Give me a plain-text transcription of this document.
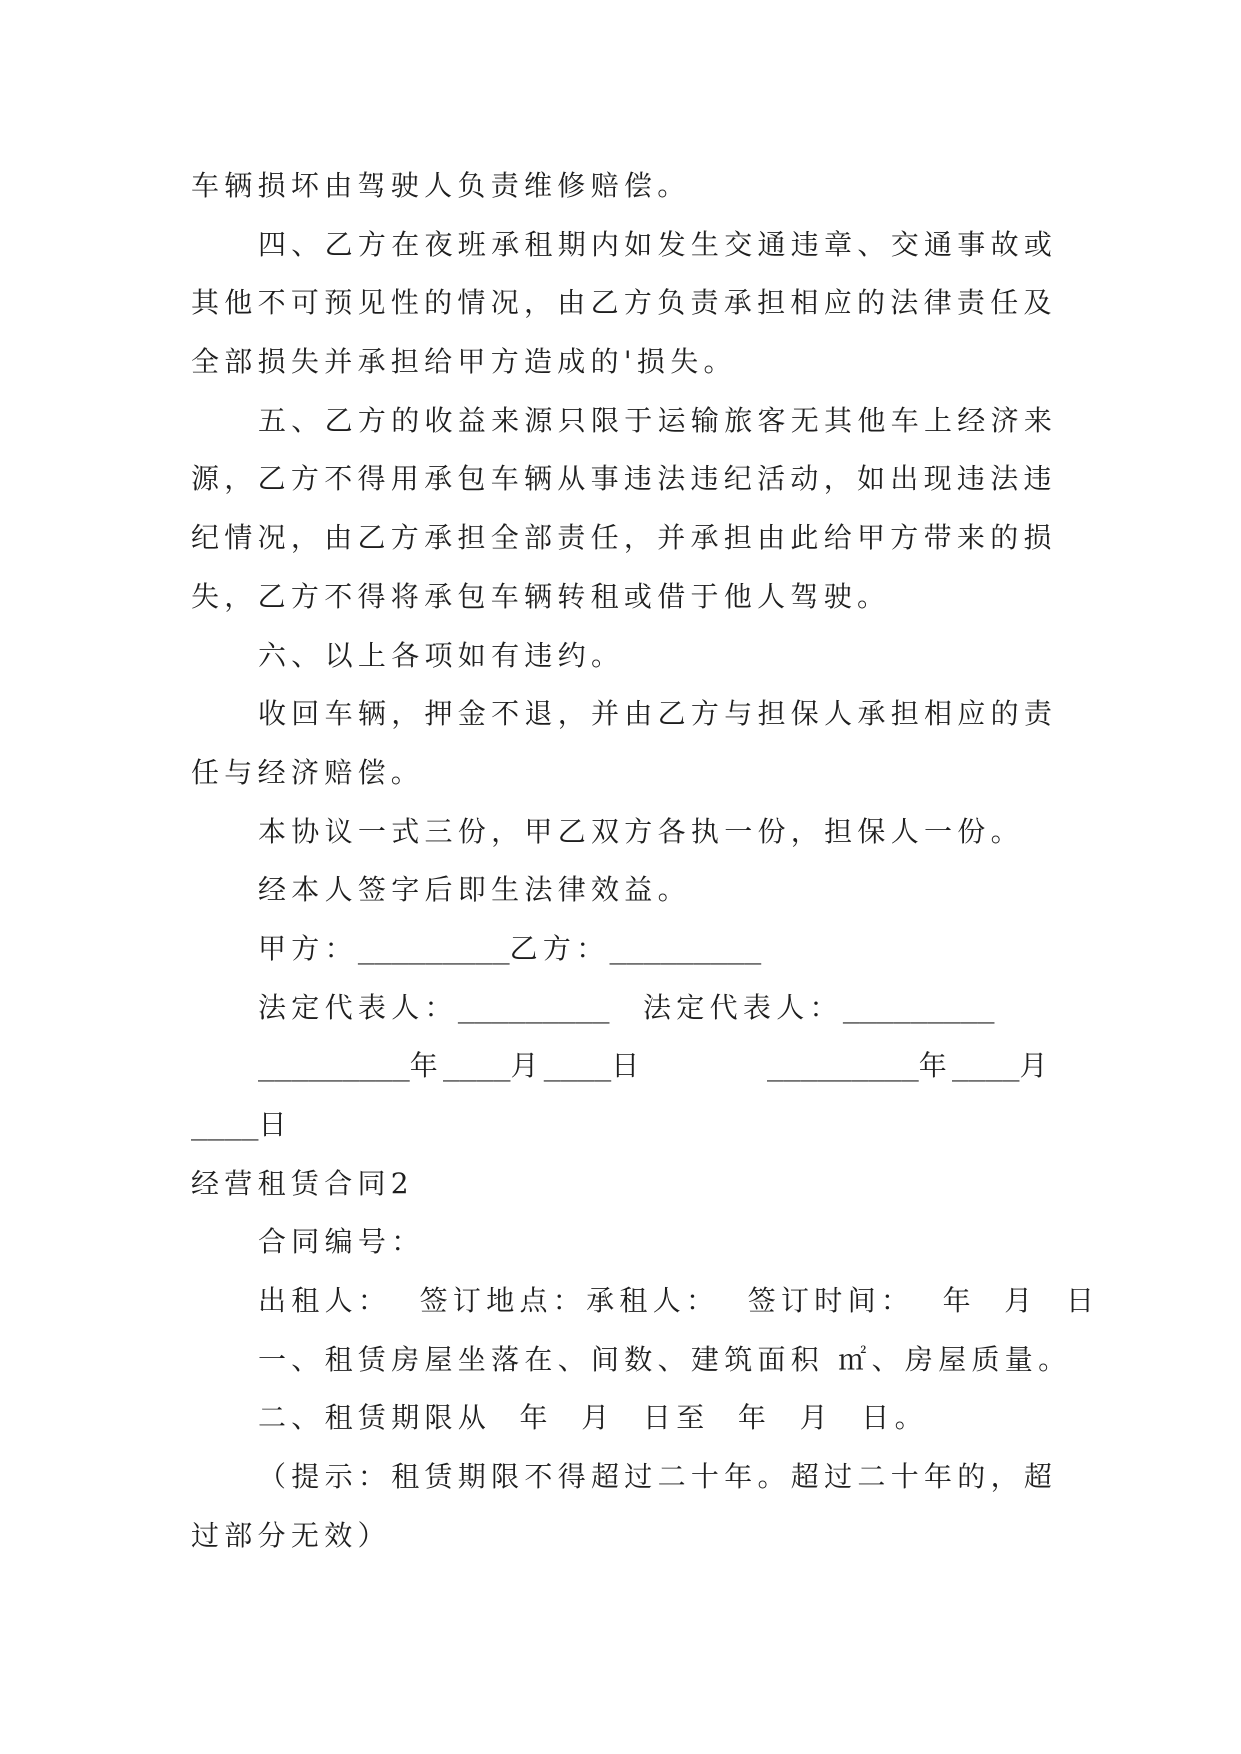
车辆损坏由驾驶人负责维修赔偿。
四、乙方在夜班承租期内如发生交通违章、交通事故或
其他不可预见性的情况，由乙方负责承担相应的法律责任及
全部损失并承担给甲方造成的'损失。
五、乙方的收益来源只限于运输旅客无其他车上经济来
源，乙方不得用承包车辆从事违法违纪活动，如出现违法违
纪情况，由乙方承担全部责任，并承担由此给甲方带来的损
失，乙方不得将承包车辆转租或借于他人驾驶。
六、以上各项如有违约。
收回车辆，押金不退，并由乙方与担保人承担相应的责
任与经济赔偿。
本协议一式三份，甲乙双方各执一份，担保人一份。
经本人签字后即生法律效益。
甲方：_________乙方：_________
法定代表人：_________ 法定代表人：_________
_________年____月____日	_________年____月
____日
经营租赁合同2
合同编号：
出租人：  签订地点：承租人：  签订时间：  年  月  日
一、租赁房屋坐落在、间数、建筑面积 ㎡、房屋质量。
二、租赁期限从  年  月  日至  年  月  日。
（提示：租赁期限不得超过二十年。超过二十年的，超
过部分无效）
